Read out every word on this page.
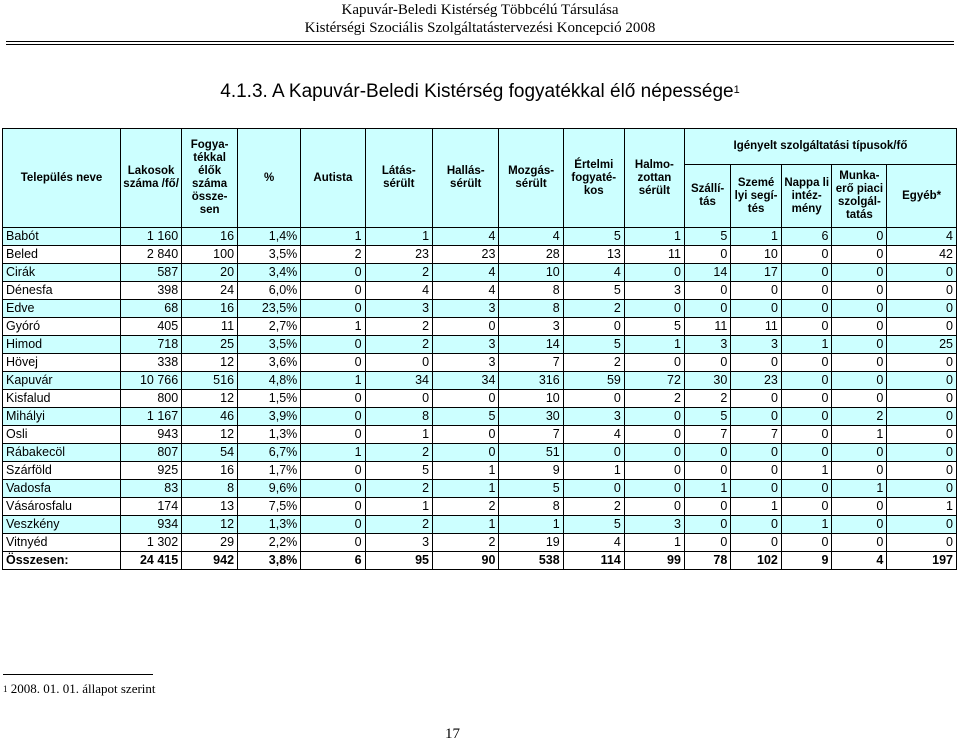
Kapuvár-Beledi Kistérség Többcélú Társulása
Kistérségi Szociális Szolgáltatástervezési Koncepció 2008
4.1.3. A Kapuvár-Beledi Kistérség fogyatékkal élő népessége$^1$
Település neve	Lakosok száma /fő/	Fogya-tékkal élők száma össze-sen	%	Autista	Látás-sérült	Hallás-sérült	Mozgás-sérült	Értelmi fogyaté-kos	Halmo-zottan sérült	Igényelt szolgáltatási típusok/fő				
										Szállí-tás	Szemé lyi segí-tés	Nappa li intéz-mény	Munka-erő piaci szolgál-tatás	Egyéb*
Babót	1 160	16	1,4%	1	1	4	4	5	1	5	1	6	0	4
Beled	2 840	100	3,5%	2	23	23	28	13	11	0	10	0	0	42
Cirák	587	20	3,4%	0	2	4	10	4	0	14	17	0	0	0
Dénesfa	398	24	6,0%	0	4	4	8	5	3	0	0	0	0	0
Edve	68	16	23,5%	0	3	3	8	2	0	0	0	0	0	0
Gyóró	405	11	2,7%	1	2	0	3	0	5	11	11	0	0	0
Himod	718	25	3,5%	0	2	3	14	5	1	3	3	1	0	25
Hövej	338	12	3,6%	0	0	3	7	2	0	0	0	0	0	0
Kapuvár	10 766	516	4,8%	1	34	34	316	59	72	30	23	0	0	0
Kisfalud	800	12	1,5%	0	0	0	10	0	2	2	0	0	0	0
Mihályi	1 167	46	3,9%	0	8	5	30	3	0	5	0	0	2	0
Osli	943	12	1,3%	0	1	0	7	4	0	7	7	0	1	0
Rábakecöl	807	54	6,7%	1	2	0	51	0	0	0	0	0	0	0
Szárföld	925	16	1,7%	0	5	1	9	1	0	0	0	1	0	0
Vadosfa	83	8	9,6%	0	2	1	5	0	0	1	0	0	1	0
Vásárosfalu	174	13	7,5%	0	1	2	8	2	0	0	1	0	0	1
Veszkény	934	12	1,3%	0	2	1	1	5	3	0	0	1	0	0
Vitnyéd	1 302	29	2,2%	0	3	2	19	4	1	0	0	0	0	0
Összesen:	24 415	942	3,8%	6	95	90	538	114	99	78	102	9	4	197
$^1$ 2008. 01. 01. állapot szerint
17
